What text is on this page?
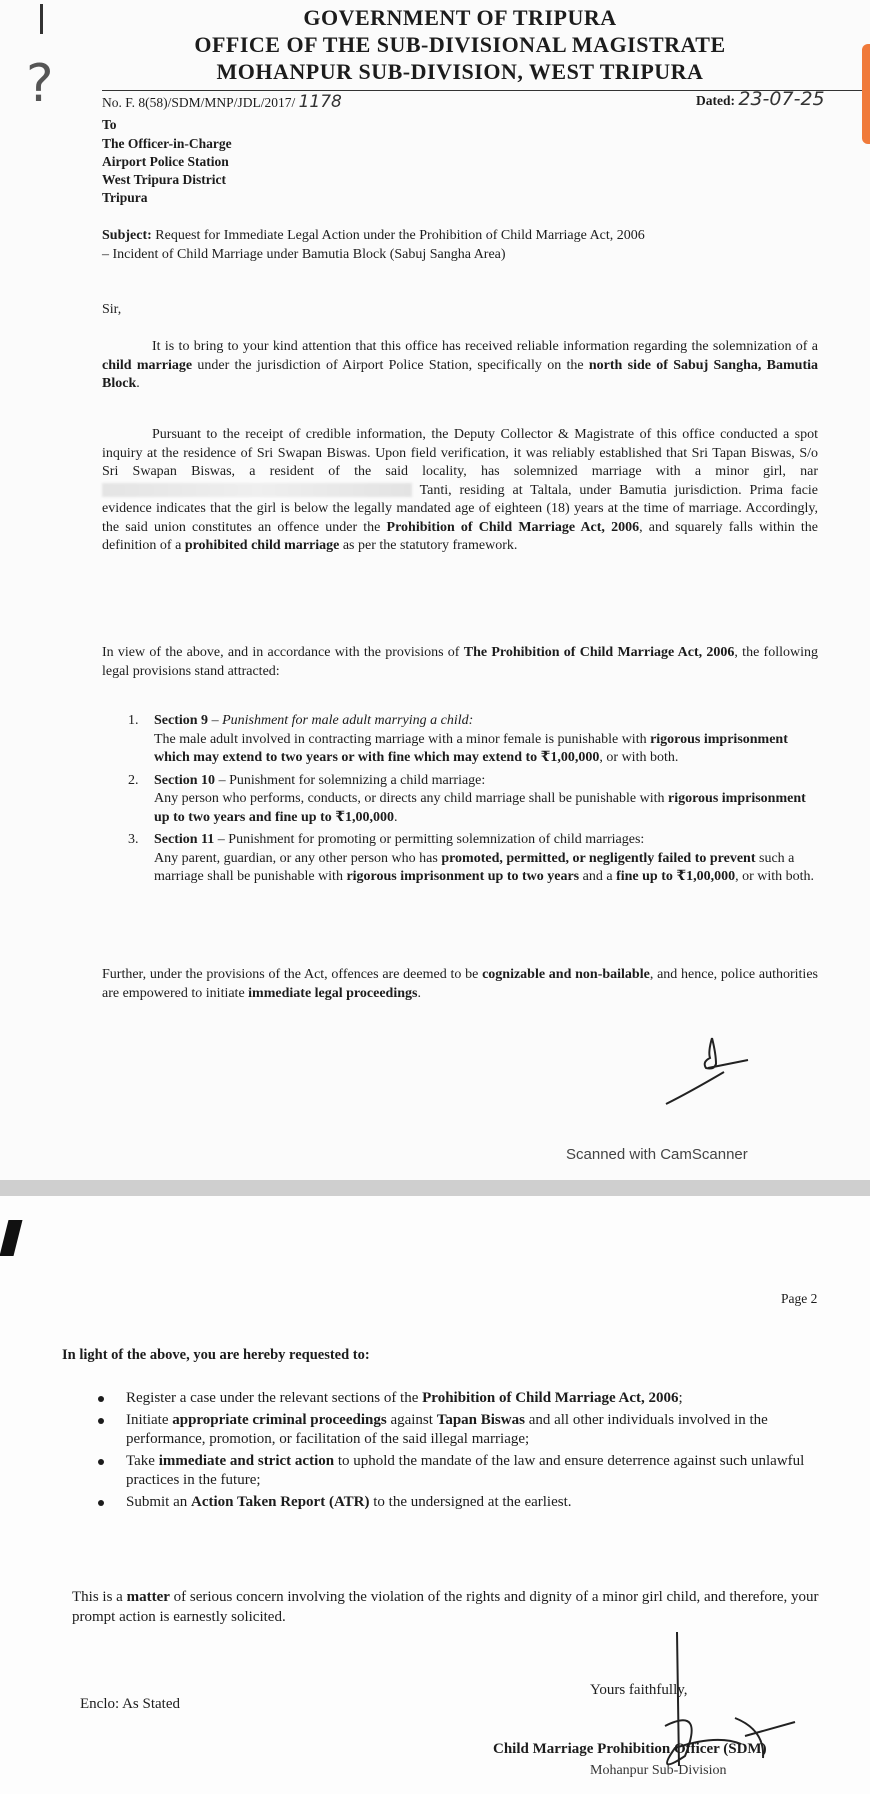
?
GOVERNMENT OF TRIPURA
OFFICE OF THE SUB-DIVISIONAL MAGISTRATE
MOHANPUR SUB-DIVISION, WEST TRIPURA
No. F. 8(58)/SDM/MNP/JDL/2017/ 1178	Dated: 23-07-25
To
The Officer-in-Charge
Airport Police Station
West Tripura District
Tripura
Subject: Request for Immediate Legal Action under the Prohibition of Child Marriage Act, 2006
– Incident of Child Marriage under Bamutia Block (Sabuj Sangha Area)
Sir,
It is to bring to your kind attention that this office has received reliable information regarding the solemnization of a child marriage under the jurisdiction of Airport Police Station, specifically on the north side of Sabuj Sangha, Bamutia Block.
Pursuant to the receipt of credible information, the Deputy Collector & Magistrate of this office conducted a spot inquiry at the residence of Sri Swapan Biswas. Upon field verification, it was reliably established that Sri Tapan Biswas, S/o Sri Swapan Biswas, a resident of the said locality, has solemnized marriage with a minor girl, nar Tanti, residing at Taltala, under Bamutia jurisdiction. Prima facie evidence indicates that the girl is below the legally mandated age of eighteen (18) years at the time of marriage. Accordingly, the said union constitutes an offence under the Prohibition of Child Marriage Act, 2006, and squarely falls within the definition of a prohibited child marriage as per the statutory framework.
In view of the above, and in accordance with the provisions of The Prohibition of Child Marriage Act, 2006, the following legal provisions stand attracted:
1. Section 9 – Punishment for male adult marrying a child:
The male adult involved in contracting marriage with a minor female is punishable with rigorous imprisonment which may extend to two years or with fine which may extend to ₹1,00,000, or with both.
2. Section 10 – Punishment for solemnizing a child marriage:
Any person who performs, conducts, or directs any child marriage shall be punishable with rigorous imprisonment up to two years and fine up to ₹1,00,000.
3. Section 11 – Punishment for promoting or permitting solemnization of child marriages:
Any parent, guardian, or any other person who has promoted, permitted, or negligently failed to prevent such a marriage shall be punishable with rigorous imprisonment up to two years and a fine up to ₹1,00,000, or with both.
Further, under the provisions of the Act, offences are deemed to be cognizable and non-bailable, and hence, police authorities are empowered to initiate immediate legal proceedings.
Scanned with CamScanner
Page 2
In light of the above, you are hereby requested to:
Register a case under the relevant sections of the Prohibition of Child Marriage Act, 2006;
Initiate appropriate criminal proceedings against Tapan Biswas and all other individuals involved in the performance, promotion, or facilitation of the said illegal marriage;
Take immediate and strict action to uphold the mandate of the law and ensure deterrence against such unlawful practices in the future;
Submit an Action Taken Report (ATR) to the undersigned at the earliest.
This is a matter of serious concern involving the violation of the rights and dignity of a minor girl child, and therefore, your prompt action is earnestly solicited.
Enclo: As Stated
Yours faithfully,
Child Marriage Prohibition Officer (SDM)
Mohanpur Sub-Division
